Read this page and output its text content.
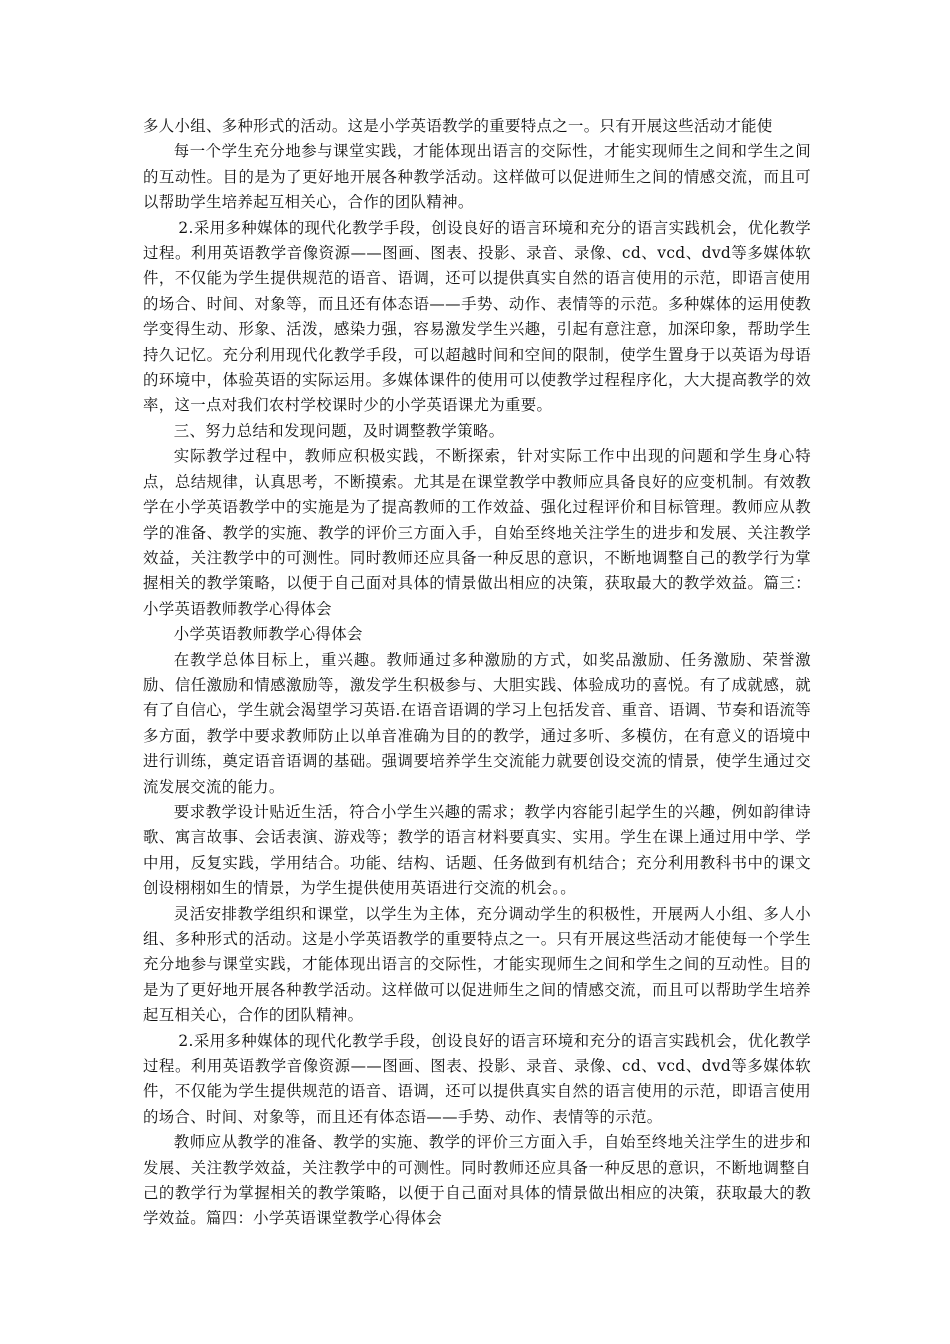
多人小组、多种形式的活动。这是小学英语教学的重要特点之一。只有开展这些活动才能使

每一个学生充分地参与课堂实践，才能体现出语言的交际性，才能实现师生之间和学生之间的互动性。目的是为了更好地开展各种教学活动。这样做可以促进师生之间的情感交流，而且可以帮助学生培养起互相关心，合作的团队精神。

2.采用多种媒体的现代化教学手段，创设良好的语言环境和充分的语言实践机会，优化教学过程。利用英语教学音像资源——图画、图表、投影、录音、录像、cd、vcd、dvd等多媒体软件，不仅能为学生提供规范的语音、语调，还可以提供真实自然的语言使用的示范，即语言使用的场合、时间、对象等，而且还有体态语——手势、动作、表情等的示范。多种媒体的运用使教学变得生动、形象、活泼，感染力强，容易激发学生兴趣，引起有意注意，加深印象，帮助学生持久记忆。充分利用现代化教学手段，可以超越时间和空间的限制，使学生置身于以英语为母语的环境中，体验英语的实际运用。多媒体课件的使用可以使教学过程程序化，大大提高教学的效率，这一点对我们农村学校课时少的小学英语课尤为重要。

三、努力总结和发现问题，及时调整教学策略。

实际教学过程中，教师应积极实践，不断探索，针对实际工作中出现的问题和学生身心特点，总结规律，认真思考，不断摸索。尤其是在课堂教学中教师应具备良好的应变机制。有效教学在小学英语教学中的实施是为了提高教师的工作效益、强化过程评价和目标管理。教师应从教学的准备、教学的实施、教学的评价三方面入手，自始至终地关注学生的进步和发展、关注教学效益，关注教学中的可测性。同时教师还应具备一种反思的意识，不断地调整自己的教学行为掌握相关的教学策略，以便于自己面对具体的情景做出相应的决策，获取最大的教学效益。篇三：小学英语教师教学心得体会

小学英语教师教学心得体会

在教学总体目标上，重兴趣。教师通过多种激励的方式，如奖品激励、任务激励、荣誉激励、信任激励和情感激励等，激发学生积极参与、大胆实践、体验成功的喜悦。有了成就感，就有了自信心，学生就会渴望学习英语.在语音语调的学习上包括发音、重音、语调、节奏和语流等多方面，教学中要求教师防止以单音准确为目的的教学，通过多听、多模仿，在有意义的语境中进行训练，奠定语音语调的基础。强调要培养学生交流能力就要创设交流的情景，使学生通过交流发展交流的能力。

要求教学设计贴近生活，符合小学生兴趣的需求；教学内容能引起学生的兴趣，例如韵律诗歌、寓言故事、会话表演、游戏等；教学的语言材料要真实、实用。学生在课上通过用中学、学中用，反复实践，学用结合。功能、结构、话题、任务做到有机结合；充分利用教科书中的课文创设栩栩如生的情景，为学生提供使用英语进行交流的机会。。

灵活安排教学组织和课堂，以学生为主体，充分调动学生的积极性，开展两人小组、多人小组、多种形式的活动。这是小学英语教学的重要特点之一。只有开展这些活动才能使每一个学生充分地参与课堂实践，才能体现出语言的交际性，才能实现师生之间和学生之间的互动性。目的是为了更好地开展各种教学活动。这样做可以促进师生之间的情感交流，而且可以帮助学生培养起互相关心，合作的团队精神。

2.采用多种媒体的现代化教学手段，创设良好的语言环境和充分的语言实践机会，优化教学过程。利用英语教学音像资源——图画、图表、投影、录音、录像、cd、vcd、dvd等多媒体软件，不仅能为学生提供规范的语音、语调，还可以提供真实自然的语言使用的示范，即语言使用的场合、时间、对象等，而且还有体态语——手势、动作、表情等的示范。

教师应从教学的准备、教学的实施、教学的评价三方面入手，自始至终地关注学生的进步和发展、关注教学效益，关注教学中的可测性。同时教师还应具备一种反思的意识，不断地调整自己的教学行为掌握相关的教学策略，以便于自己面对具体的情景做出相应的决策，获取最大的教学效益。篇四：小学英语课堂教学心得体会
